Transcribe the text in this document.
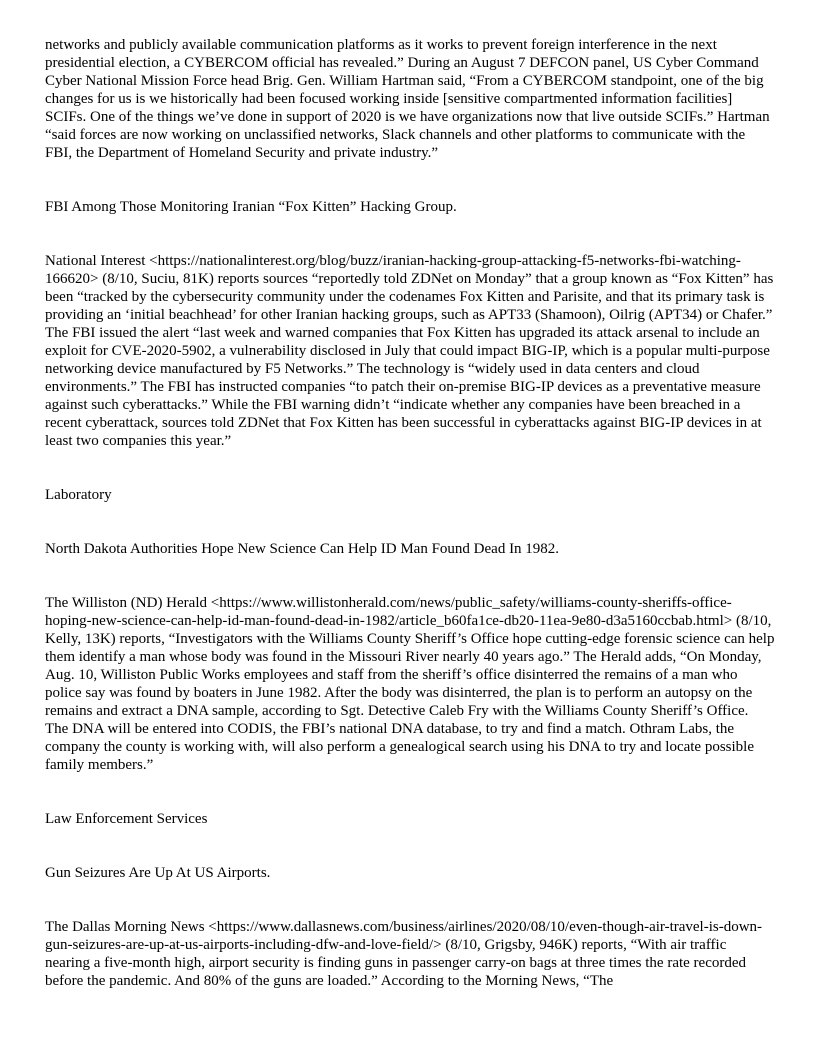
networks and publicly available communication platforms as it works to prevent foreign interference in the next presidential election, a CYBERCOM official has revealed.” During an August 7 DEFCON panel, US Cyber Command Cyber National Mission Force head Brig. Gen. William Hartman said, “From a CYBERCOM standpoint, one of the big changes for us is we historically had been focused working inside [sensitive compartmented information facilities] SCIFs. One of the things we’ve done in support of 2020 is we have organizations now that live outside SCIFs.” Hartman “said forces are now working on unclassified networks, Slack channels and other platforms to communicate with the FBI, the Department of Homeland Security and private industry.”

FBI Among Those Monitoring Iranian “Fox Kitten” Hacking Group.

National Interest <https://nationalinterest.org/blog/buzz/iranian-hacking-group-attacking-f5-networks-fbi-watching-166620> (8/10, Suciu, 81K) reports sources “reportedly told ZDNet on Monday” that a group known as “Fox Kitten” has been “tracked by the cybersecurity community under the codenames Fox Kitten and Parisite, and that its primary task is providing an ‘initial beachhead’ for other Iranian hacking groups, such as APT33 (Shamoon), Oilrig (APT34) or Chafer.” The FBI issued the alert “last week and warned companies that Fox Kitten has upgraded its attack arsenal to include an exploit for CVE-2020-5902, a vulnerability disclosed in July that could impact BIG-IP, which is a popular multi-purpose networking device manufactured by F5 Networks.” The technology is “widely used in data centers and cloud environments.” The FBI has instructed companies “to patch their on-premise BIG-IP devices as a preventative measure against such cyberattacks.” While the FBI warning didn’t “indicate whether any companies have been breached in a recent cyberattack, sources told ZDNet that Fox Kitten has been successful in cyberattacks against BIG-IP devices in at least two companies this year.”

Laboratory

North Dakota Authorities Hope New Science Can Help ID Man Found Dead In 1982.

The Williston (ND) Herald <https://www.willistonherald.com/news/public_safety/williams-county-sheriffs-office-hoping-new-science-can-help-id-man-found-dead-in-1982/article_b60fa1ce-db20-11ea-9e80-d3a5160ccbab.html> (8/10, Kelly, 13K) reports, “Investigators with the Williams County Sheriff’s Office hope cutting-edge forensic science can help them identify a man whose body was found in the Missouri River nearly 40 years ago.” The Herald adds, “On Monday, Aug. 10, Williston Public Works employees and staff from the sheriff’s office disinterred the remains of a man who police say was found by boaters in June 1982. After the body was disinterred, the plan is to perform an autopsy on the remains and extract a DNA sample, according to Sgt. Detective Caleb Fry with the Williams County Sheriff’s Office. The DNA will be entered into CODIS, the FBI’s national DNA database, to try and find a match. Othram Labs, the company the county is working with, will also perform a genealogical search using his DNA to try and locate possible family members.”

Law Enforcement Services

Gun Seizures Are Up At US Airports.

The Dallas Morning News <https://www.dallasnews.com/business/airlines/2020/08/10/even-though-air-travel-is-down-gun-seizures-are-up-at-us-airports-including-dfw-and-love-field/> (8/10, Grigsby, 946K) reports, “With air traffic nearing a five-month high, airport security is finding guns in passenger carry-on bags at three times the rate recorded before the pandemic. And 80% of the guns are loaded.” According to the Morning News, “The
